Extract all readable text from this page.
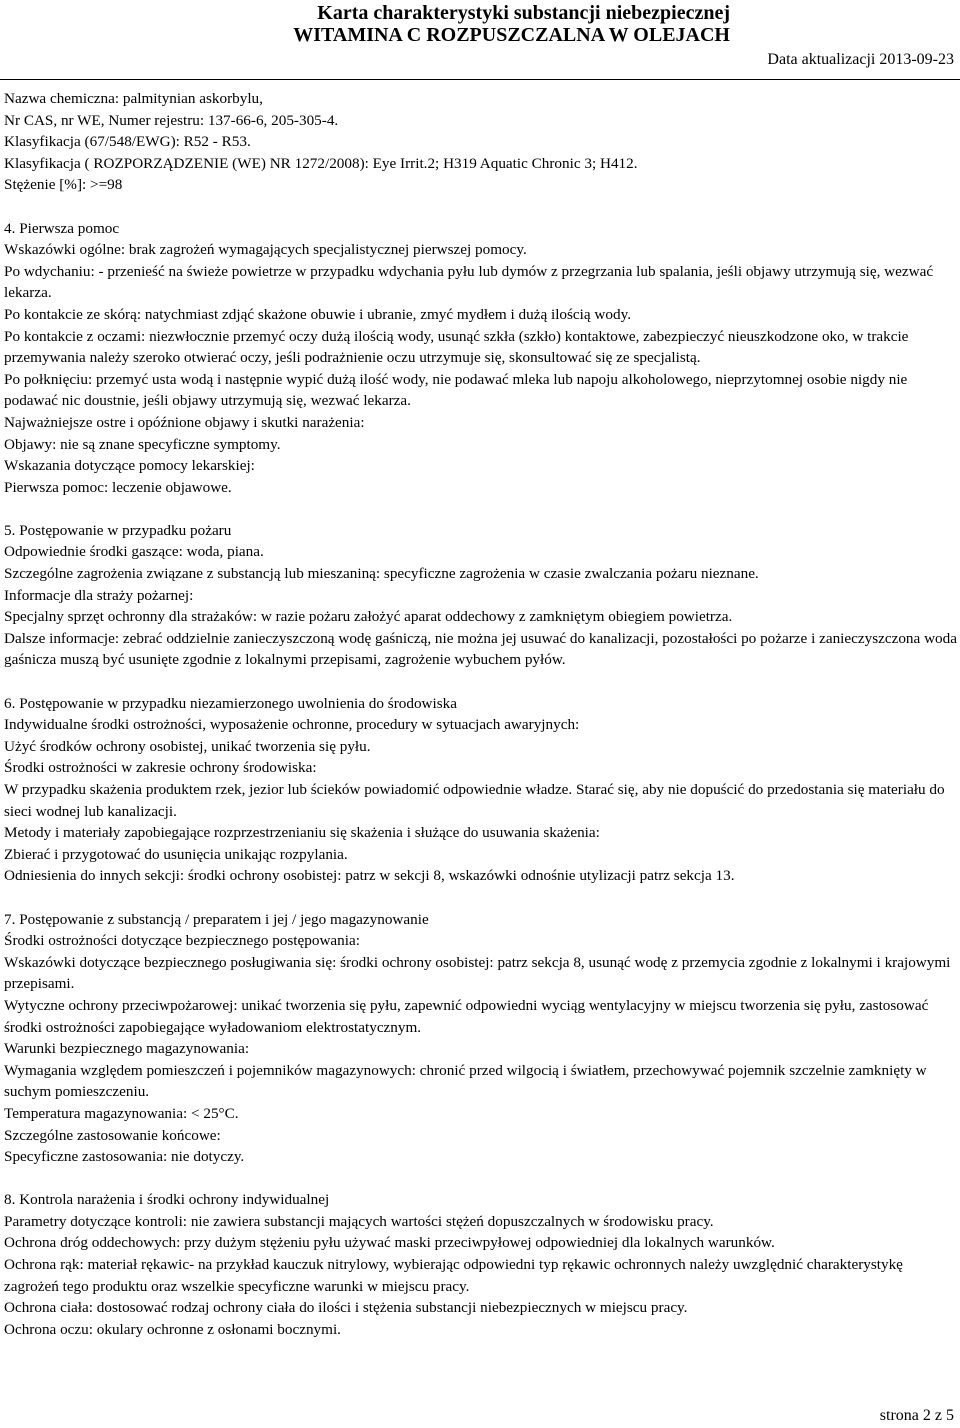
Karta charakterystyki substancji niebezpiecznej
WITAMINA C ROZPUSZCZALNA W OLEJACH
Data aktualizacji 2013-09-23

Nazwa chemiczna: palmitynian askorbylu,

Nr CAS, nr WE, Numer rejestru: 137-66-6, 205-305-4.

Klasyfikacja (67/548/EWG): R52 - R53.

Klasyfikacja ( ROZPORZĄDZENIE (WE) NR 1272/2008): Eye Irrit.2; H319 Aquatic Chronic 3; H412.

Stężenie [%]: >=98

4. Pierwsza pomoc

Wskazówki ogólne: brak zagrożeń wymagających specjalistycznej pierwszej pomocy.

Po wdychaniu: - przenieść na świeże powietrze w przypadku wdychania pyłu lub dymów z przegrzania lub spalania, jeśli objawy utrzymują się, wezwać lekarza.

Po kontakcie ze skórą: natychmiast zdjąć skażone obuwie i ubranie, zmyć mydłem i dużą ilością wody.

Po kontakcie z oczami: niezwłocznie przemyć oczy dużą ilością wody, usunąć szkła (szkło) kontaktowe, zabezpieczyć nieuszkodzone oko, w trakcie przemywania należy szeroko otwierać oczy, jeśli podrażnienie oczu utrzymuje się, skonsultować się ze specjalistą.

Po połknięciu: przemyć usta wodą i następnie wypić dużą ilość wody, nie podawać mleka lub napoju alkoholowego, nieprzytomnej osobie nigdy nie podawać nic doustnie, jeśli objawy utrzymują się, wezwać lekarza.

Najważniejsze ostre i opóźnione objawy i skutki narażenia:

Objawy: nie są znane specyficzne symptomy.

Wskazania dotyczące pomocy lekarskiej:

Pierwsza pomoc: leczenie objawowe.

5. Postępowanie w przypadku pożaru

Odpowiednie środki gaszące: woda, piana.

Szczególne zagrożenia związane z substancją lub mieszaniną: specyficzne zagrożenia w czasie zwalczania pożaru nieznane.

Informacje dla straży pożarnej:

Specjalny sprzęt ochronny dla strażaków: w razie pożaru założyć aparat oddechowy z zamkniętym obiegiem powietrza.

Dalsze informacje: zebrać oddzielnie zanieczyszczoną wodę gaśniczą, nie można jej usuwać do kanalizacji, pozostałości po pożarze i zanieczyszczona woda gaśnicza muszą być usunięte zgodnie z lokalnymi przepisami, zagrożenie wybuchem pyłów.

6. Postępowanie w przypadku niezamierzonego uwolnienia do środowiska

Indywidualne środki ostrożności, wyposażenie ochronne, procedury w sytuacjach awaryjnych:

Użyć środków ochrony osobistej, unikać tworzenia się pyłu.

Środki ostrożności w zakresie ochrony środowiska:

W przypadku skażenia produktem rzek, jezior lub ścieków powiadomić odpowiednie władze. Starać się, aby nie dopuścić do przedostania się materiału do sieci wodnej lub kanalizacji.

Metody i materiały zapobiegające rozprzestrzenianiu się skażenia i służące do usuwania skażenia:

Zbierać i przygotować do usunięcia unikając rozpylania.

Odniesienia do innych sekcji: środki ochrony osobistej: patrz w sekcji 8, wskazówki odnośnie utylizacji patrz sekcja 13.

7. Postępowanie z substancją / preparatem i jej / jego magazynowanie

Środki ostrożności dotyczące bezpiecznego postępowania:

Wskazówki dotyczące bezpiecznego posługiwania się: środki ochrony osobistej: patrz sekcja 8, usunąć wodę z przemycia zgodnie z lokalnymi i krajowymi przepisami.

Wytyczne ochrony przeciwpożarowej: unikać tworzenia się pyłu, zapewnić odpowiedni wyciąg wentylacyjny w miejscu tworzenia się pyłu, zastosować środki ostrożności zapobiegające wyładowaniom elektrostatycznym.

Warunki bezpiecznego magazynowania:

Wymagania względem pomieszczeń i pojemników magazynowych: chronić przed wilgocią i światłem, przechowywać pojemnik szczelnie zamknięty w suchym pomieszczeniu.

Temperatura magazynowania: < 25°C.

Szczególne zastosowanie końcowe:

Specyficzne zastosowania: nie dotyczy.

8. Kontrola narażenia i środki ochrony indywidualnej

Parametry dotyczące kontroli: nie zawiera substancji mających wartości stężeń dopuszczalnych w środowisku pracy.

Ochrona dróg oddechowych: przy dużym stężeniu pyłu używać maski przeciwpyłowej odpowiedniej dla lokalnych warunków.

Ochrona rąk: materiał rękawic- na przykład kauczuk nitrylowy, wybierając odpowiedni typ rękawic ochronnych należy uwzględnić charakterystykę zagrożeń tego produktu oraz wszelkie specyficzne warunki w miejscu pracy.

Ochrona ciała: dostosować rodzaj ochrony ciała do ilości i stężenia substancji niebezpiecznych w miejscu pracy.

Ochrona oczu: okulary ochronne z osłonami bocznymi.

strona 2 z 5
